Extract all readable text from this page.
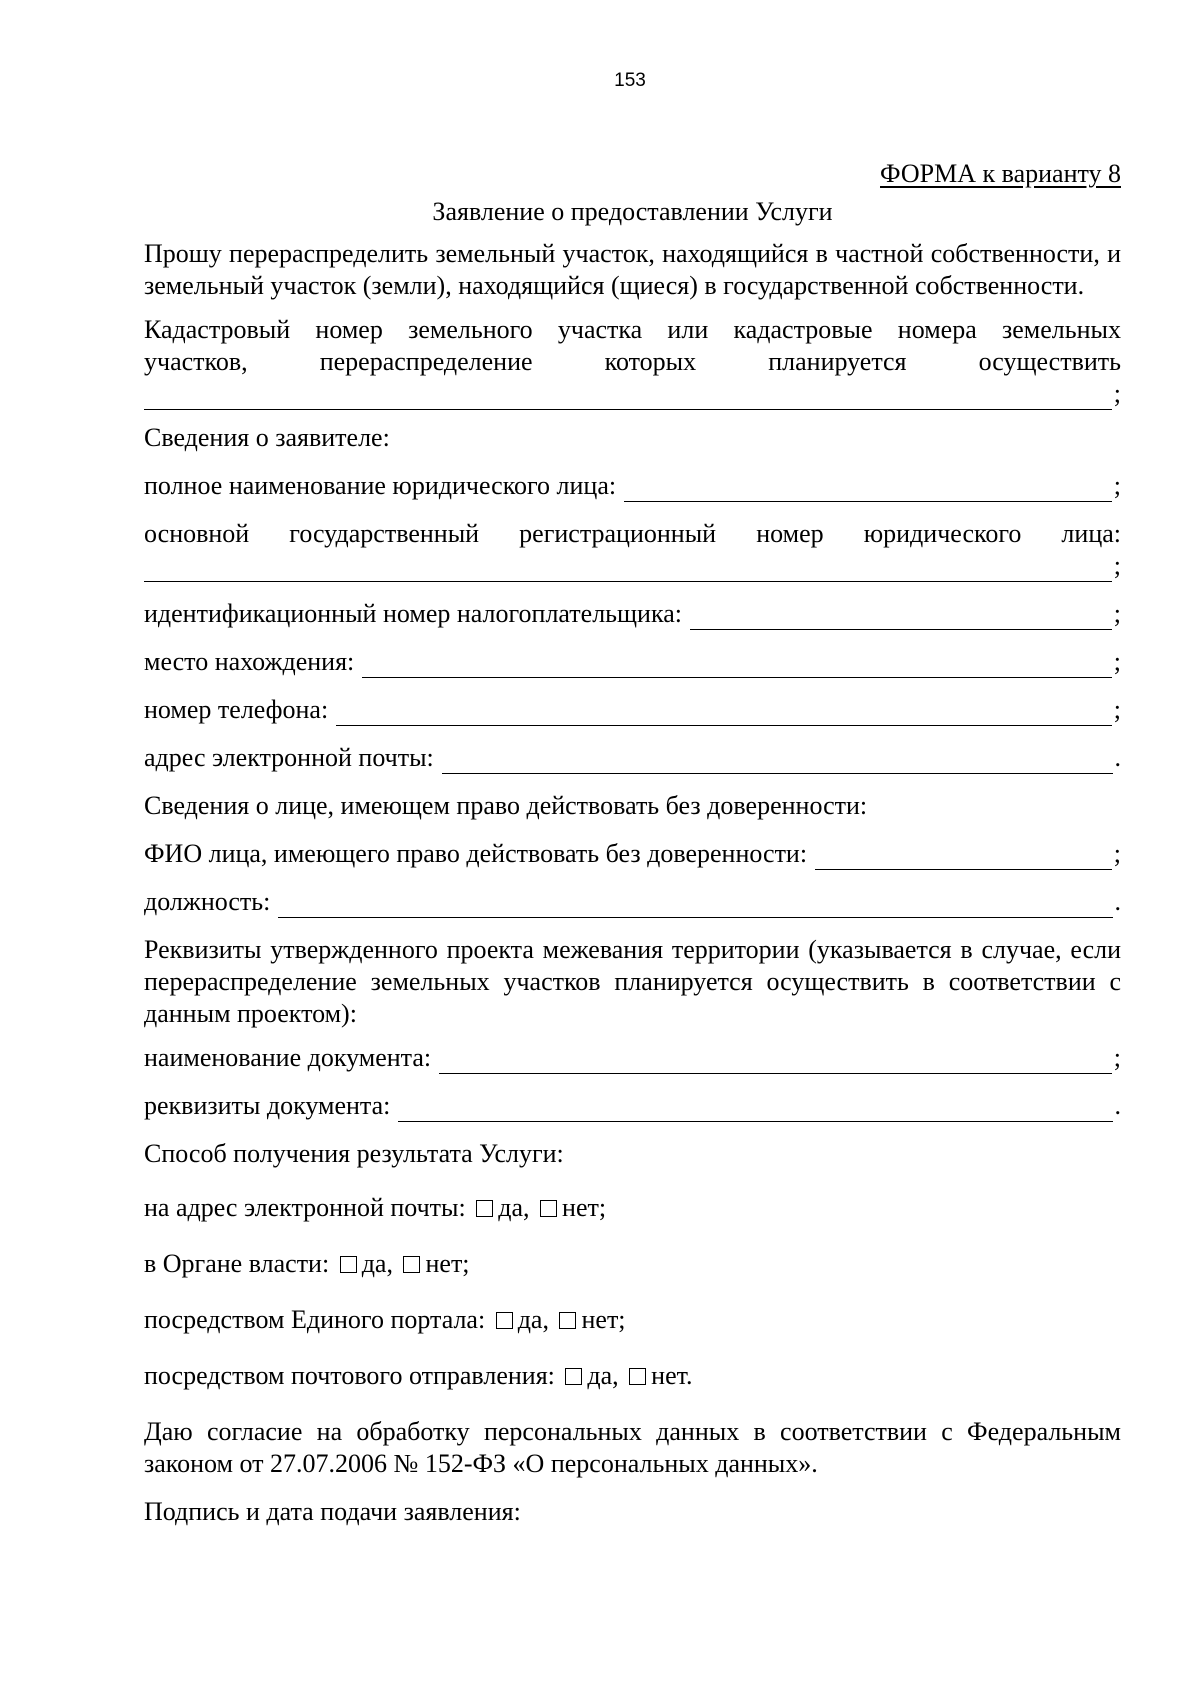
153
ФОРМА к варианту 8
Заявление о предоставлении Услуги
Прошу перераспределить земельный участок, находящийся в частной собственности, и земельный участок (земли), находящийся (щиеся) в государственной собственности.
Кадастровый номер земельного участка или кадастровые номера земельных
участков, перераспределение которых планируется осуществить
;
Сведения о заявителе:
полное наименование юридического лица:	;
основной государственный регистрационный номер юридического лица:
;
идентификационный номер налогоплательщика:	;
место нахождения:	;
номер телефона:	;
адрес электронной почты:	.
Сведения о лице, имеющем право действовать без доверенности:
ФИО лица, имеющего право действовать без доверенности:	;
должность:	.
Реквизиты утвержденного проекта межевания территории (указывается в случае, если перераспределение земельных участков планируется осуществить в соответствии с данным проектом):
наименование документа:	;
реквизиты документа:	.
Способ получения результата Услуги:
на адрес электронной почты: да, нет;
в Органе власти: да, нет;
посредством Единого портала: да, нет;
посредством почтового отправления: да, нет.
Даю согласие на обработку персональных данных в соответствии с Федеральным законом от 27.07.2006 № 152-ФЗ «О персональных данных».
Подпись и дата подачи заявления:
